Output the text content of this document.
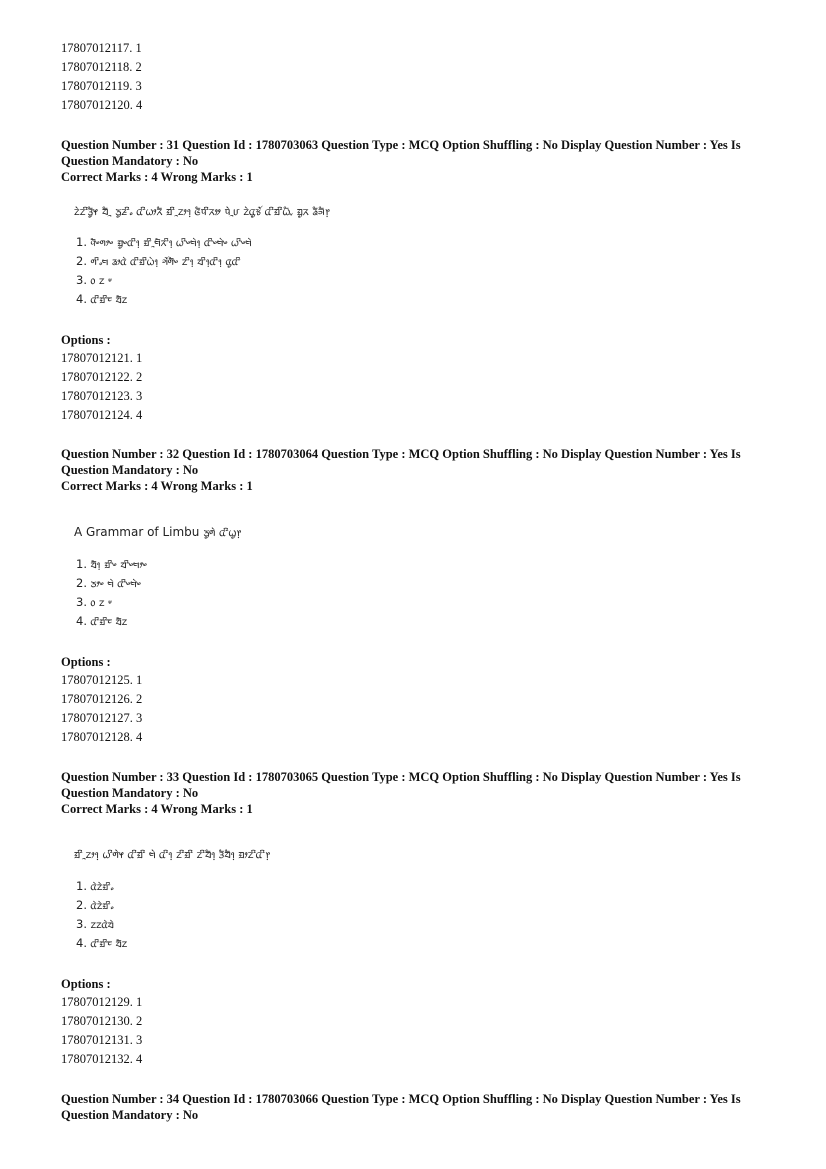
17807012117. 1
17807012118. 2
17807012119. 3
17807012120. 4
Question Number : 31 Question Id : 1780703063 Question Type : MCQ Option Shuffling : No Display Question Number : Yes Is
Question Mandatory : No
Correct Marks : 4 Wrong Marks : 1
ᤁᤧᤁᤡᤋᤢᤠᤶ ᤔᤠᤳ ᤍᤢᤏᤡᤱ ᤂᤡᤐᤣᤖᤠ ᤀᤡᤳᤁᤣ᥄ ᤜᤠᤄᤡᤖᤤ ᤄᤧᤳᤙ ᤁᤧᤂᤢᤃᤨ ᤂᤡᤀᤡᤐᤩᤠ ᤀᤢᤖ ᤕᤠᤈᤠ᥅
1. ᤚᤠᤴᤛᤣᤴ ᤀᤢᤴᤂᤡ᥄ ᤀᤡᤳᤗᤠᤖᤡ᥄ ᤐᤡᤴᤗᤧ᥄ ᤂᤡᤴᤗᤧᤴ ᤐᤡᤴᤗᤧ
2. ᤛᤡᤱᤗ ᤕᤣᤂᤧ ᤂᤡᤀᤡᤐᤧ᥄ ᤆᤨᤛᤠᤴ ᤁᤡ᥄ ᤔᤡ᥄ᤂᤡ᥄ ᤂᤢᤂᤡ
3. ᥆ ᤁ ᤸ
4. ᤂᤡᤀᤡᤰ ᤔᤠᤁ
Options :
17807012121. 1
17807012122. 2
17807012123. 3
17807012124. 4
Question Number : 32 Question Id : 1780703064 Question Type : MCQ Option Shuffling : No Display Question Number : Yes Is
Question Mandatory : No
Correct Marks : 4 Wrong Marks : 1
A Grammar of Limbu ᤍᤢᤛᤧ ᤂᤡᤐᤢ᥅
1. ᤔᤠ᥄ ᤀᤡᤴ ᤔᤡᤴᤗᤣᤴ
2. ᤍᤣᤴ ᤗᤧ ᤂᤡᤴᤗᤧᤴ
3. ᥆ ᤁ ᤸ
4. ᤂᤡᤀᤡᤰ ᤔᤠᤁ
Options :
17807012125. 1
17807012126. 2
17807012127. 3
17807012128. 4
Question Number : 33 Question Id : 1780703065 Question Type : MCQ Option Shuffling : No Display Question Number : Yes Is
Question Mandatory : No
Correct Marks : 4 Wrong Marks : 1
ᤀᤡᤳᤁᤣ᥄ ᤐᤡᤛᤧᤶ ᤂᤡᤀᤡ ᤗᤧ ᤂᤡ᥄ ᤁᤡᤀᤡ ᤁᤡᤔᤠ᥄ ᤋᤠᤔᤠ᥄ ᤀᤣᤁᤡᤂᤡ᥅
1. ᤂᤧᤁᤧᤀᤡᤱ
2. ᤂᤧᤁᤧᤀᤡᤱ
3. ᤁᤁᤂᤧᤔᤧ
4. ᤂᤡᤀᤡᤰ ᤔᤠᤁ
Options :
17807012129. 1
17807012130. 2
17807012131. 3
17807012132. 4
Question Number : 34 Question Id : 1780703066 Question Type : MCQ Option Shuffling : No Display Question Number : Yes Is
Question Mandatory : No
